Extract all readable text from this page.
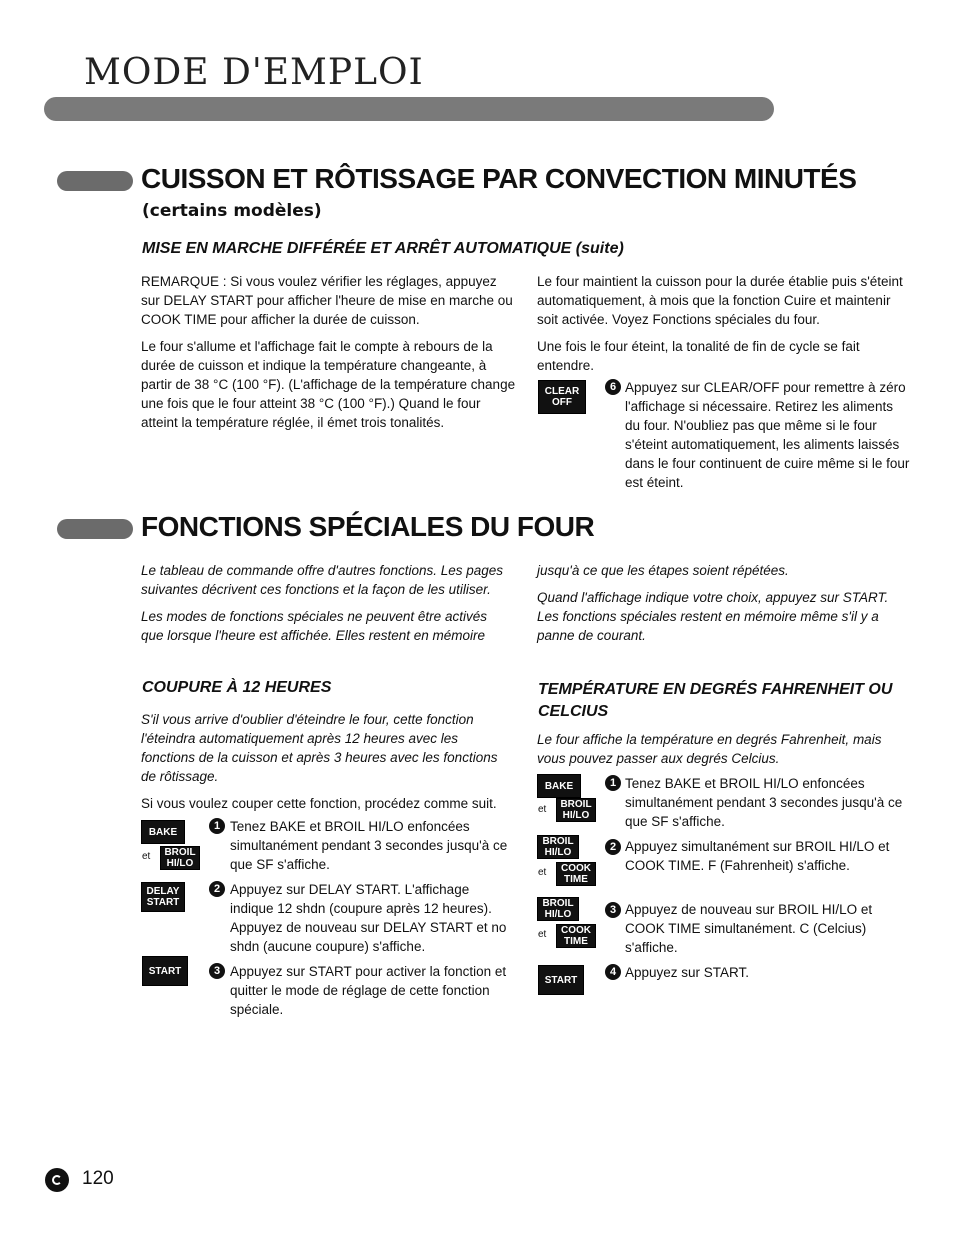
MODE D'EMPLOI
CUISSON ET RÔTISSAGE PAR CONVECTION MINUTÉS
(certains modèles)
MISE EN MARCHE DIFFÉRÉE ET ARRÊT AUTOMATIQUE (suite)

REMARQUE : Si vous voulez vérifier les réglages, appuyez sur DELAY START pour afficher l'heure de mise en marche ou COOK TIME pour afficher la durée de cuisson.

Le four s'allume et l'affichage fait le compte à rebours de la durée de cuisson et indique la température changeante, à partir de 38 °C (100 °F). (L'affichage de la température change une fois que le four atteint 38 °C (100 °F).) Quand le four atteint la température réglée, il émet trois tonalités.

Le four maintient la cuisson pour la durée établie puis s'éteint automatiquement, à mois que la fonction Cuire et maintenir soit activée. Voyez Fonctions spéciales du four.

Une fois le four éteint, la tonalité de fin de cycle se fait entendre.

CLEAR
OFF
6 Appuyez sur CLEAR/OFF pour remettre à zéro l'affichage si nécessaire. Retirez les aliments du four. N'oubliez pas que même si le four s'éteint automatiquement, les aliments laissés dans le four continuent de cuire même si le four est éteint.
FONCTIONS SPÉCIALES DU FOUR

Le tableau de commande offre d'autres fonctions. Les pages suivantes décrivent ces fonctions et la façon de les utiliser.

Les modes de fonctions spéciales ne peuvent être activés que lorsque l'heure est affichée. Elles restent en mémoire

jusqu'à ce que les étapes soient répétées.

Quand l'affichage indique votre choix, appuyez sur START. Les fonctions spéciales restent en mémoire même s'il y a panne de courant.

COUPURE À 12 HEURES

S'il vous arrive d'oublier d'éteindre le four, cette fonction l'éteindra automatiquement après 12 heures avec les fonctions de la cuisson et après 3 heures avec les fonctions de rôtissage.

Si vous voulez couper cette fonction, procédez comme suit.

BAKE
et BROIL
HI/LO
1 Tenez BAKE et BROIL HI/LO enfoncées simultanément pendant 3 secondes jusqu'à ce que SF s'affiche.
DELAY
START
2 Appuyez sur DELAY START. L'affichage indique 12 shdn (coupure après 12 heures). Appuyez de nouveau sur DELAY START et no shdn (aucune coupure) s'affiche.
START	3 Appuyez sur START pour activer la fonction et quitter le mode de réglage de cette fonction spéciale.
TEMPÉRATURE EN DEGRÉS FAHRENHEIT OU CELCIUS

Le four affiche la température en degrés Fahrenheit, mais vous pouvez passer aux degrés Celcius.

BAKE
et BROIL
HI/LO
1 Tenez BAKE et BROIL HI/LO enfoncées simultanément pendant 3 secondes jusqu'à ce que SF s'affiche.
BROIL
HI/LO
et COOK
TIME
2 Appuyez simultanément sur BROIL HI/LO et COOK TIME. F (Fahrenheit) s'affiche.
BROIL
HI/LO
et COOK
TIME
3 Appuyez de nouveau sur BROIL HI/LO et COOK TIME simultanément. C (Celcius) s'affiche.
START
4 Appuyez sur START.
120
